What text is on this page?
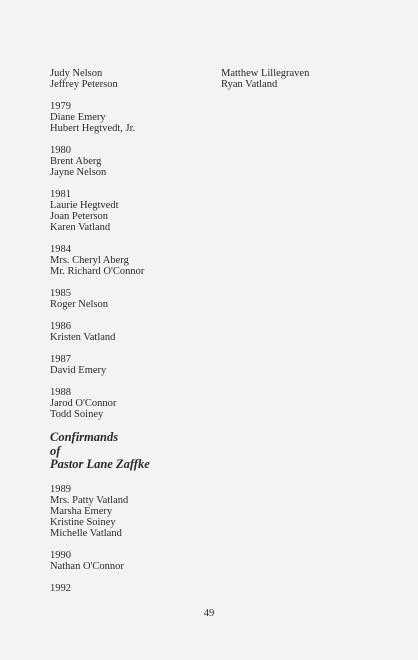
Judy Nelson
Jeffrey Peterson
1979
Diane Emery
Hubert Hegtvedt, Jr.
1980
Brent Aberg
Jayne Nelson
1981
Laurie Hegtvedt
Joan Peterson
Karen Vatland
1984
Mrs. Cheryl Aberg
Mr. Richard O'Connor
1985
Roger Nelson
1986
Kristen Vatland
1987
David Emery
1988
Jarod O'Connor
Todd Soiney
Confirmands
of
Pastor Lane Zaffke
1989
Mrs. Patty Vatland
Marsha Emery
Kristine Soiney
Michelle Vatland
1990
Nathan O'Connor
1992
Matthew Lillegraven
Ryan Vatland
49
